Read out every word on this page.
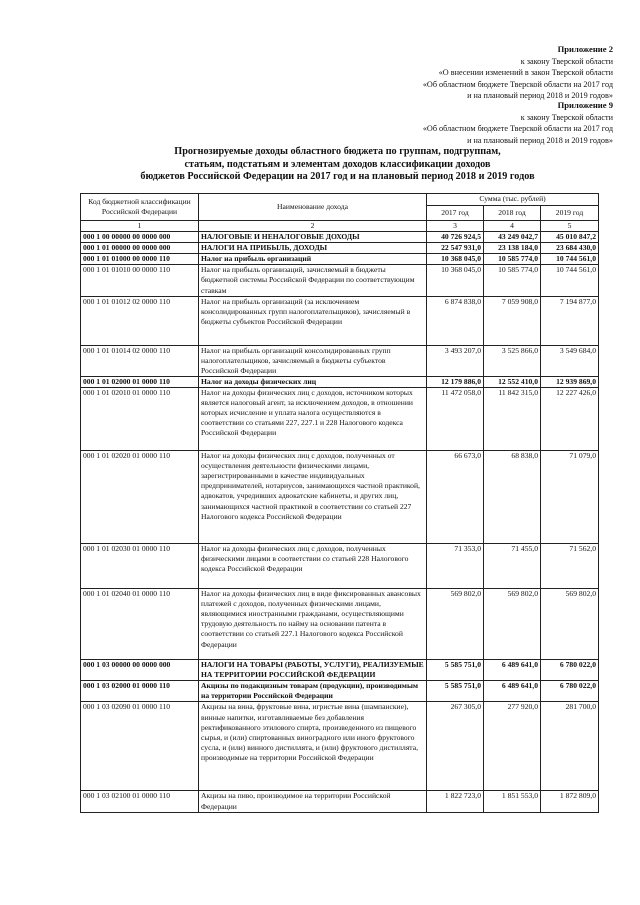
Приложение 2
к закону Тверской области
«О внесении изменений в закон Тверской области
«Об областном бюджете Тверской области на 2017 год
и на плановый период 2018 и 2019 годов»
Приложение 9
к закону Тверской области
«Об областном бюджете Тверской области на 2017 год
и на плановый период 2018 и 2019 годов»
Прогнозируемые доходы областного бюджета по группам, подгруппам,
статьям, подстатьям и элементам доходов классификации доходов
бюджетов Российской Федерации на 2017 год и на плановый период 2018 и 2019 годов
Код бюджетной классификации Российской Федерации	Наименование дохода	Сумма (тыс. рублей)		
		2017 год	2018 год	2019 год
1	2	3	4	5
000 1 00 00000 00 0000 000	НАЛОГОВЫЕ И НЕНАЛОГОВЫЕ ДОХОДЫ	40 726 924,5	43 249 042,7	45 010 847,2
000 1 01 00000 00 0000 000	НАЛОГИ НА ПРИБЫЛЬ, ДОХОДЫ	22 547 931,0	23 138 184,0	23 684 430,0
000 1 01 01000 00 0000 110	Налог на прибыль организаций	10 368 045,0	10 585 774,0	10 744 561,0
000 1 01 01010 00 0000 110	Налог на прибыль организаций, зачисляемый в бюджеты бюджетной системы Российской Федерации по соответствующим ставкам	10 368 045,0	10 585 774,0	10 744 561,0
000 1 01 01012 02 0000 110	Налог на прибыль организаций (за исключением консолидированных групп налогоплательщиков), зачисляемый в бюджеты субъектов Российской Федерации	6 874 838,0	7 059 908,0	7 194 877,0
000 1 01 01014 02 0000 110	Налог на прибыль организаций консолидированных групп налогоплательщиков, зачисляемый в бюджеты субъектов Российской Федерации	3 493 207,0	3 525 866,0	3 549 684,0
000 1 01 02000 01 0000 110	Налог на доходы физических лиц	12 179 886,0	12 552 410,0	12 939 869,0
000 1 01 02010 01 0000 110	Налог на доходы физических лиц с доходов, источником которых является налоговый агент, за исключением доходов, в отношении которых исчисление и уплата налога осуществляются в соответствии со статьями 227, 227.1 и 228 Налогового кодекса Российской Федерации	11 472 058,0	11 842 315,0	12 227 426,0
000 1 01 02020 01 0000 110	Налог на доходы физических лиц с доходов, полученных от осуществления деятельности физическими лицами, зарегистрированными в качестве индивидуальных предпринимателей, нотариусов, занимающихся частной практикой, адвокатов, учредивших адвокатские кабинеты, и других лиц, занимающихся частной практикой в соответствии со статьей 227 Налогового кодекса Российской Федерации	66 673,0	68 838,0	71 079,0
000 1 01 02030 01 0000 110	Налог на доходы физических лиц с доходов, полученных физическими лицами в соответствии со статьей 228 Налогового кодекса Российской Федерации	71 353,0	71 455,0	71 562,0
000 1 01 02040 01 0000 110	Налог на доходы физических лиц в виде фиксированных авансовых платежей с доходов, полученных физическими лицами, являющимися иностранными гражданами, осуществляющими трудовую деятельность по найму на основании патента в соответствии со статьей 227.1 Налогового кодекса Российской Федерации	569 802,0	569 802,0	569 802,0
000 1 03 00000 00 0000 000	НАЛОГИ НА ТОВАРЫ (РАБОТЫ, УСЛУГИ), РЕАЛИЗУЕМЫЕ НА ТЕРРИТОРИИ РОССИЙСКОЙ ФЕДЕРАЦИИ	5 585 751,0	6 489 641,0	6 780 022,0
000 1 03 02000 01 0000 110	Акцизы по подакцизным товарам (продукции), производимым на территории Российской Федерации	5 585 751,0	6 489 641,0	6 780 022,0
000 1 03 02090 01 0000 110	Акцизы на вина, фруктовые вина, игристые вина (шампанские), винные напитки, изготавливаемые без добавления ректификованного этилового спирта, произведенного из пищевого сырья, и (или) спиртованных виноградного или иного фруктового сусла, и (или) винного дистиллята, и (или) фруктового дистиллята, производимые на территории Российской Федерации	267 305,0	277 920,0	281 700,0
000 1 03 02100 01 0000 110	Акцизы на пиво, производимое на территории Российской Федерации	1 822 723,0	1 851 553,0	1 872 809,0
